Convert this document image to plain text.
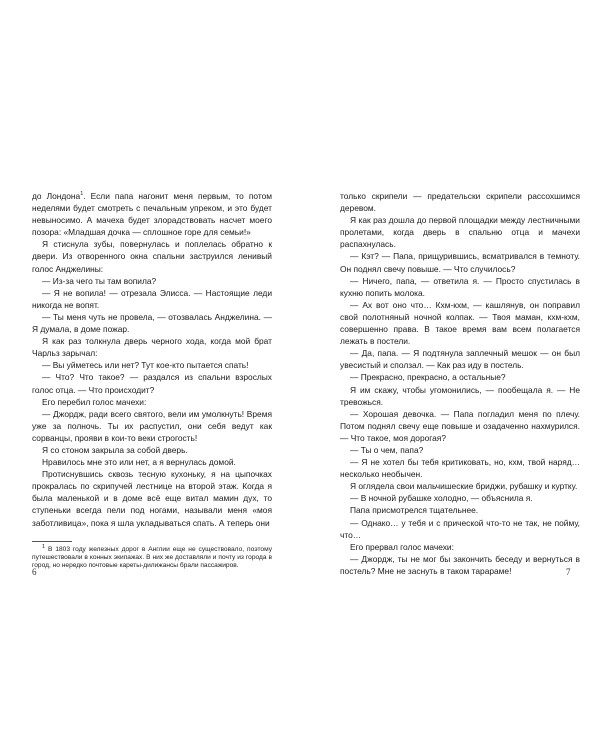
до Лондона$^1$. Если папа нагонит меня первым, то потом неделями будет смотреть с печальным упреком, и это будет невыносимо. А мачеха будет злорадствовать насчет моего позора: «Младшая дочка — сплошное горе для семьи!»

Я стиснула зубы, повернулась и поплелась обратно к двери. Из отворенного окна спальни заструился ленивый голос Анджелины:

— Из-за чего ты там вопила?

— Я не вопила! — отрезала Элисса. — Настоящие леди никогда не вопят.

— Ты меня чуть не провела, — отозвалась Анджелина. — Я думала, в доме пожар.

Я как раз толкнула дверь черного хода, когда мой брат Чарльз зарычал:

— Вы уйметесь или нет? Тут кое-кто пытается спать!

— Что? Что такое? — раздался из спальни взрослых голос отца. — Что происходит?

Его перебил голос мачехи:

— Джордж, ради всего святого, вели им умолкнуть! Время уже за полночь. Ты их распустил, они себя ведут как сорванцы, прояви в кои-то веки строгость!

Я со стоном закрыла за собой дверь.

Нравилось мне это или нет, а я вернулась домой.

Протиснувшись сквозь тесную кухоньку, я на цыпочках прокралась по скрипучей лестнице на второй этаж. Когда я была маленькой и в доме всё еще витал мамин дух, то ступеньки всегда пели под ногами, называли меня «моя заботливица», пока я шла укладываться спать. А теперь они

$^1$ В 1803 году железных дорог в Англии еще не существовало, поэтому путешествовали в конных экипажах. В них же доставляли и почту из города в город, но нередко почтовые кареты-дилижансы брали пассажиров.

6

только скрипели — предательски скрипели рассохшимся деревом.

Я как раз дошла до первой площадки между лестничными пролетами, когда дверь в спальню отца и мачехи распахнулась.

— Кэт? — Папа, прищурившись, всматривался в темноту. Он поднял свечу повыше. — Что случилось?

— Ничего, папа, — ответила я. — Просто спустилась в кухню попить молока.

— Ах вот оно что… Кхм-кхм, — кашлянув, он поправил свой полотняный ночной колпак. — Твоя маман, кхм-кхм, совершенно права. В такое время вам всем полагается лежать в постели.

— Да, папа. — Я подтянула заплечный мешок — он был увесистый и сползал. — Как раз иду в постель.

— Прекрасно, прекрасно, а остальные?

Я им скажу, чтобы угомонились, — пообещала я. — Не тревожься.

— Хорошая девочка. — Папа погладил меня по плечу. Потом поднял свечу еще повыше и озадаченно нахмурился. — Что такое, моя дорогая?

— Ты о чем, папа?

— Я не хотел бы тебя критиковать, но, кхм, твой наряд… несколько необычен.

Я оглядела свои мальчишеские бриджи, рубашку и куртку.

— В ночной рубашке холодно, — объяснила я.

Папа присмотрелся тщательнее.

— Однако… у тебя и с прической что-то не так, не пойму, что…

Его прервал голос мачехи:

— Джордж, ты не мог бы закончить беседу и вернуться в постель? Мне не заснуть в таком тарараме!	7
